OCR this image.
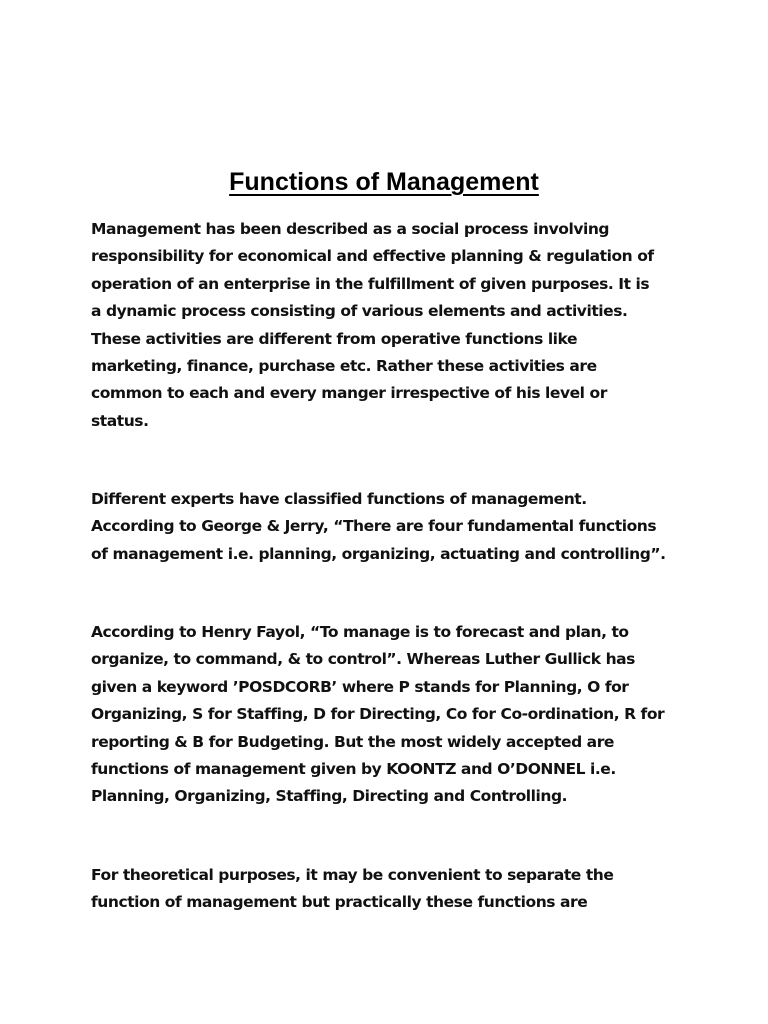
Functions of Management

Management has been described as a social process involving
responsibility for economical and effective planning & regulation of
operation of an enterprise in the fulfillment of given purposes. It is
a dynamic process consisting of various elements and activities.
These activities are different from operative functions like
marketing, finance, purchase etc. Rather these activities are
common to each and every manger irrespective of his level or
status.

Different experts have classified functions of management.
According to George & Jerry, “There are four fundamental functions
of management i.e. planning, organizing, actuating and controlling”.

According to Henry Fayol, “To manage is to forecast and plan, to
organize, to command, & to control”. Whereas Luther Gullick has
given a keyword ’POSDCORB’ where P stands for Planning, O for
Organizing, S for Staffing, D for Directing, Co for Co-ordination, R for
reporting & B for Budgeting. But the most widely accepted are
functions of management given by KOONTZ and O’DONNEL i.e.
Planning, Organizing, Staffing, Directing and Controlling.

For theoretical purposes, it may be convenient to separate the
function of management but practically these functions are
